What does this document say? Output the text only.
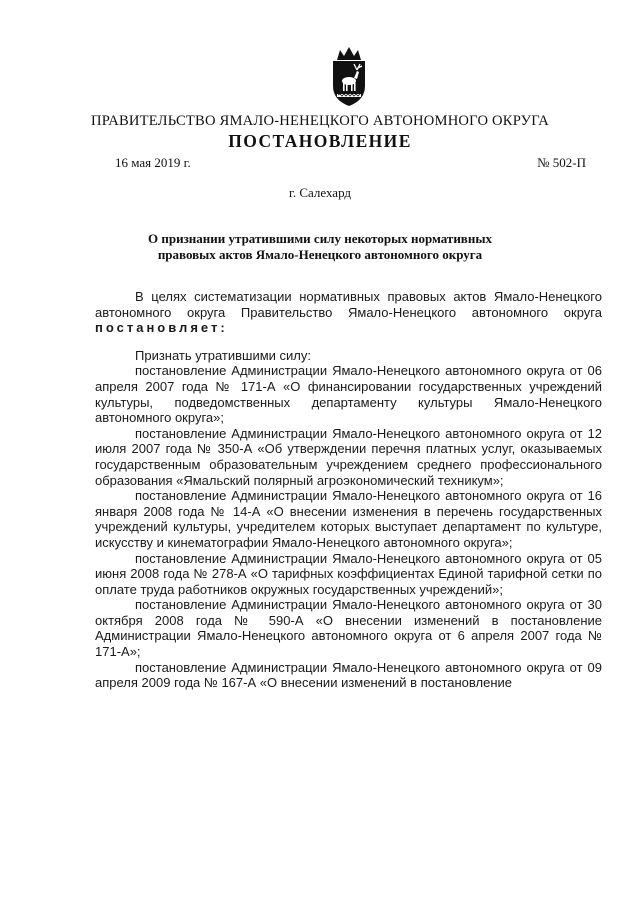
ПРАВИТЕЛЬСТВО ЯМАЛО-НЕНЕЦКОГО АВТОНОМНОГО ОКРУГА
ПОСТАНОВЛЕНИЕ
16 мая 2019 г.	№ 502-П
г. Салехард
О признании утратившими силу некоторых нормативных правовых актов Ямало-Ненецкого автономного округа

В целях систематизации нормативных правовых актов Ямало-Ненецкого автономного округа Правительство Ямало-Ненецкого автономного округа постановляет:

Признать утратившими силу:

постановление Администрации Ямало-Ненецкого автономного округа от 06 апреля 2007 года № 171-А «О финансировании государственных учреждений культуры, подведомственных департаменту культуры Ямало-Ненецкого автономного округа»;

постановление Администрации Ямало-Ненецкого автономного округа от 12 июля 2007 года № 350-А «Об утверждении перечня платных услуг, оказываемых государственным образовательным учреждением среднего профессионального образования «Ямальский полярный агроэкономический техникум»;

постановление Администрации Ямало-Ненецкого автономного округа от 16 января 2008 года № 14-А «О внесении изменения в перечень государственных учреждений культуры, учредителем которых выступает департамент по культуре, искусству и кинематографии Ямало-Ненецкого автономного округа»;

постановление Администрации Ямало-Ненецкого автономного округа от 05 июня 2008 года № 278-А «О тарифных коэффициентах Единой тарифной сетки по оплате труда работников окружных государственных учреждений»;

постановление Администрации Ямало-Ненецкого автономного округа от 30 октября 2008 года № 590-А «О внесении изменений в постановление Администрации Ямало-Ненецкого автономного округа от 6 апреля 2007 года № 171-А»;

постановление Администрации Ямало-Ненецкого автономного округа от 09 апреля 2009 года № 167-А «О внесении изменений в постановление
